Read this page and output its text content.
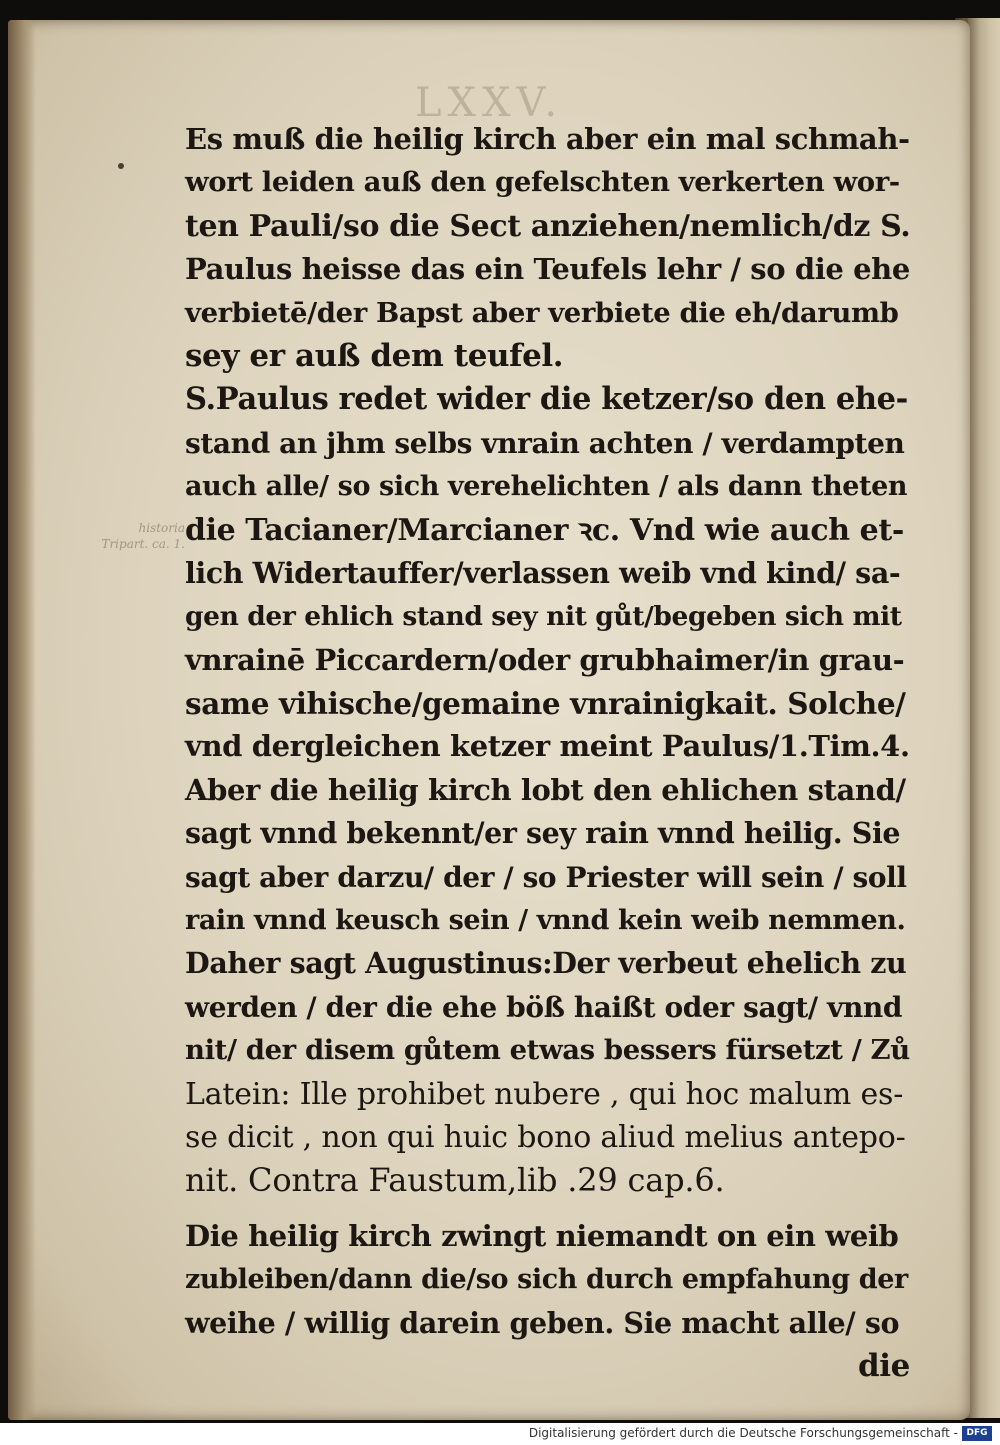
LXXV.
historia Tripart. ca. 1.
Es muß die heilig kirch aber ein mal schmah-
wort leiden auß den gefelschten verkerten wor-
ten Pauli/so die Sect anziehen/nemlich/dz S.
Paulus heisse das ein Teufels lehr / so die ehe
verbietē/der Bapst aber verbiete die eh/darumb
sey er auß dem teufel.
S.Paulus redet wider die ketzer/so den ehe-
stand an jhm selbs vnrain achten / verdampten
auch alle/ so sich verehelichten / als dann theten
die Tacianer/Marcianer ꝛc. Vnd wie auch et-
lich Widertauffer/verlassen weib vnd kind/ sa-
gen der ehlich stand sey nit gůt/begeben sich mit
vnrainē Piccardern/oder grubhaimer/in grau-
same vihische/gemaine vnrainigkait. Solche/
vnd dergleichen ketzer meint Paulus/1.Tim.4.
Aber die heilig kirch lobt den ehlichen stand/
sagt vnnd bekennt/er sey rain vnnd heilig. Sie
sagt aber darzu/ der / so Priester will sein / soll
rain vnnd keusch sein / vnnd kein weib nemmen.
Daher sagt Augustinus:Der verbeut ehelich zu
werden / der die ehe böß haißt oder sagt/ vnnd
nit/ der disem gůtem etwas bessers fürsetzt / Zů
Latein: Ille prohibet nubere , qui hoc malum es-
se dicit , non qui huic bono aliud melius antepo-
nit. Contra Faustum,lib .29 cap.6.
Die heilig kirch zwingt niemandt on ein weib
zubleiben/dann die/so sich durch empfahung der
weihe / willig darein geben. Sie macht alle/ so
die
Digitalisierung gefördert durch die Deutsche Forschungsgemeinschaft - DFG
